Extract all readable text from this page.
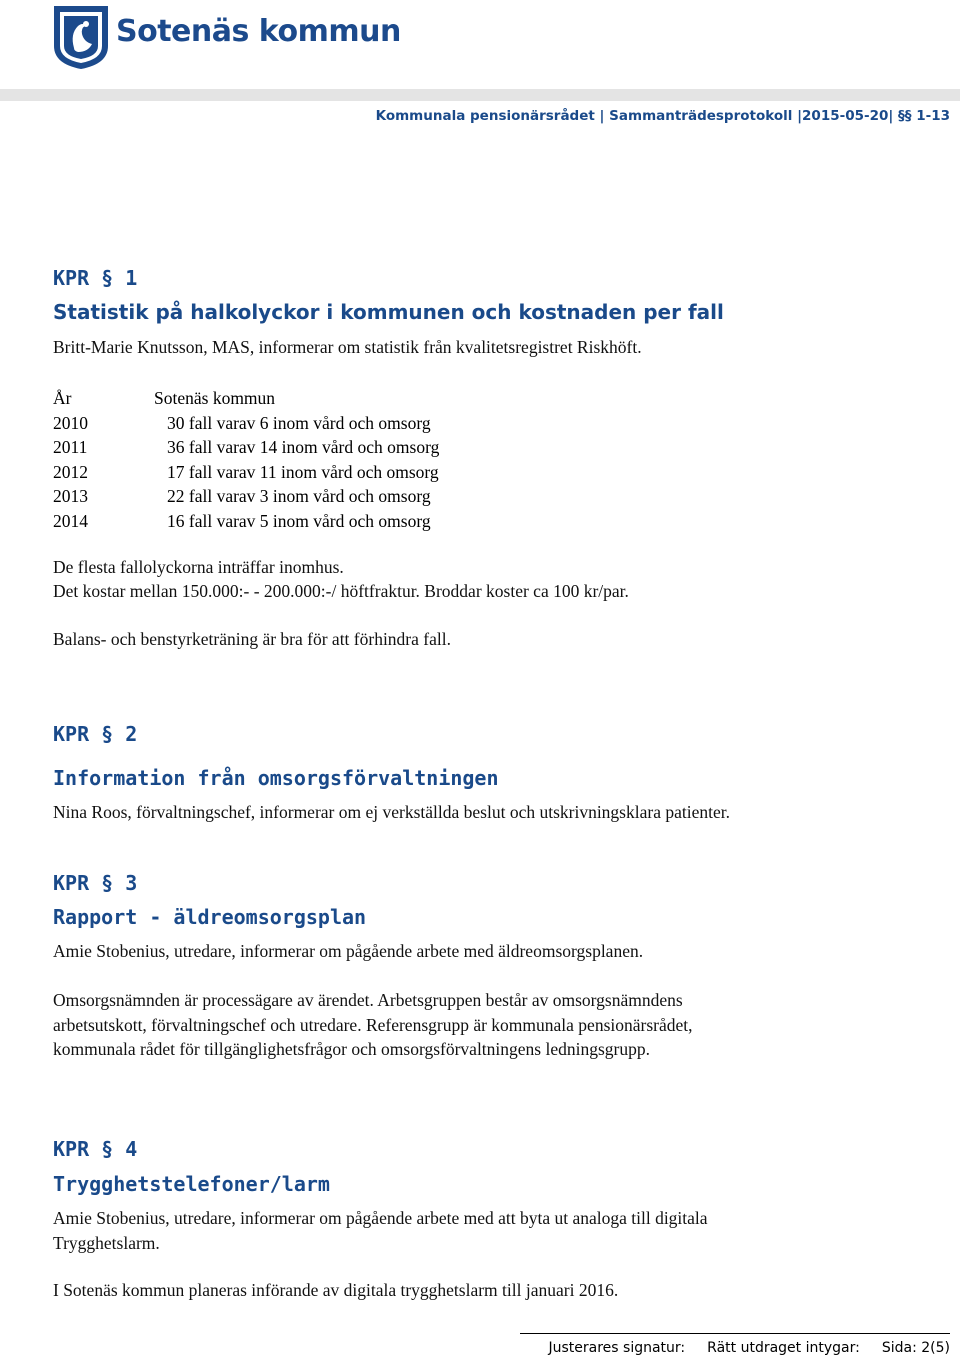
Sotenäs kommun
Kommunala pensionärsrådet | Sammanträdesprotokoll |2015-05-20| §§ 1-13
KPR § 1
Statistik på halkolyckor i kommunen och kostnaden per fall
Britt-Marie Knutsson, MAS, informerar om statistik från kvalitetsregistret Riskhöft.
År	Sotenäs kommun
2010	30 fall varav 6 inom vård och omsorg
2011	36 fall varav 14 inom vård och omsorg
2012	17 fall varav 11 inom vård och omsorg
2013	22 fall varav 3 inom vård och omsorg
2014	16 fall varav 5 inom vård och omsorg
De flesta fallolyckorna inträffar inomhus.
Det kostar mellan 150.000:- - 200.000:-/ höftfraktur. Broddar koster ca 100 kr/par.
Balans- och benstyrketräning är bra för att förhindra fall.
KPR § 2
Information från omsorgsförvaltningen
Nina Roos, förvaltningschef, informerar om ej verkställda beslut och utskrivningsklara patienter.
KPR § 3
Rapport - äldreomsorgsplan
Amie Stobenius, utredare, informerar om pågående arbete med äldreomsorgsplanen.
Omsorgsnämnden är processägare av ärendet. Arbetsgruppen består av omsorgsnämndens
arbetsutskott, förvaltningschef och utredare. Referensgrupp är kommunala pensionärsrådet,
kommunala rådet för tillgänglighetsfrågor och omsorgsförvaltningens ledningsgrupp.
KPR § 4
Trygghetstelefoner/larm
Amie Stobenius, utredare, informerar om pågående arbete med att byta ut analoga till digitala
Trygghetslarm.
I Sotenäs kommun planeras införande av digitala trygghetslarm till januari 2016.
Justerares signatur: Rätt utdraget intygar: Sida: 2(5)
